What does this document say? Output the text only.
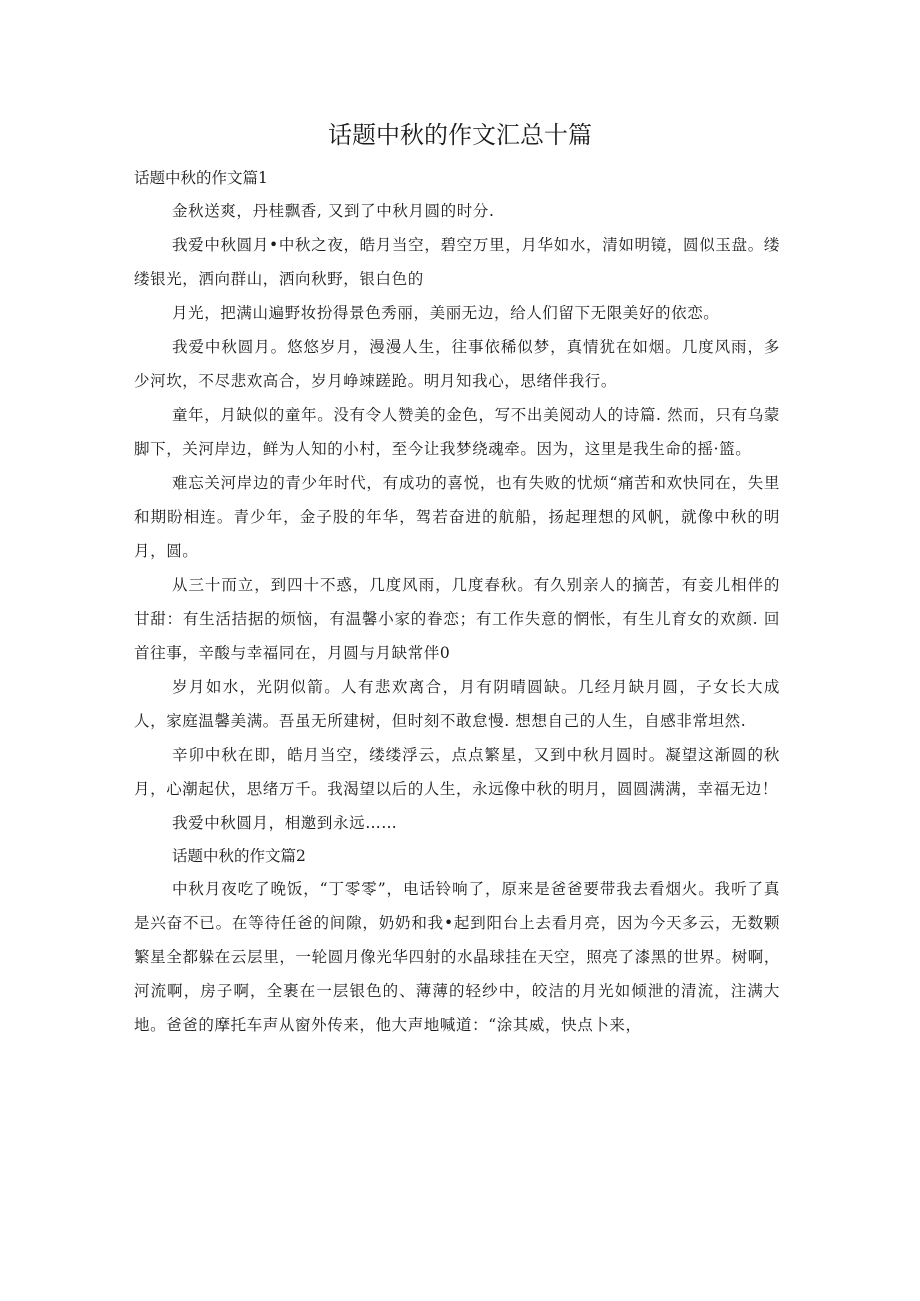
话题中秋的作文汇总十篇

话题中秋的作文篇1

金秋送爽，丹桂飘香, 又到了中秋月圆的时分.

我爱中秋圆月•中秋之夜，皓月当空，碧空万里，月华如水，清如明镜，圆似玉盘。缕缕银光，洒向群山，洒向秋野，银白色的

月光，把满山遍野妆扮得景色秀丽，美丽无边，给人们留下无限美好的依恋。

我爱中秋圆月。悠悠岁月，漫漫人生，往事依稀似梦，真情犹在如烟。几度风雨，多少河坎，不尽悲欢高合，岁月峥竦蹉跄。明月知我心，思绪伴我行。

童年，月缺似的童年。没有令人赞美的金色，写不出美阅动人的诗篇. 然而，只有乌蒙脚下，关河岸边，鲜为人知的小村，至今让我梦绕魂牵。因为，这里是我生命的摇·篮。

难忘关河岸边的青少年时代，有成功的喜悦，也有失败的忧烦“痛苦和欢快同在，失里和期盼相连。青少年，金子股的年华，驾若奋进的航船，扬起理想的风帆，就像中秋的明月，圆。

从三十而立，到四十不惑，几度风雨，几度春秋。有久别亲人的摘苦，有妾儿相伴的甘甜：有生活拮据的烦恼，有温馨小家的眷恋；有工作失意的惘怅，有生儿育女的欢颜. 回首往事，辛酸与幸福同在，月圆与月缺常伴0

岁月如水，光阴似箭。人有悲欢离合，月有阴晴圆缺。几经月缺月圆，子女长大成人，家庭温馨美满。吾虽无所建树，但时刻不敢怠慢. 想想自己的人生，自感非常坦然.

辛卯中秋在即，皓月当空，缕缕浮云，点点繁星，又到中秋月圆时。凝望这渐圆的秋月，心潮起伏，思绪万千。我渴望以后的人生，永远像中秋的明月，圆圆满满，幸福无边！

我爱中秋圆月，相邀到永远……

话题中秋的作文篇2

中秋月夜吃了晚饭，“丁零零”，电话铃响了，原来是爸爸要带我去看烟火。我听了真是兴奋不已。在等待任爸的间隙，奶奶和我•起到阳台上去看月亮，因为今天多云，无数颗繁星全都躲在云层里，一轮圆月像光华四射的水晶球挂在天空，照亮了漆黑的世界。树啊，河流啊，房子啊，全裹在一层银色的、薄薄的轻纱中，皎洁的月光如倾泄的清流，注满大地。爸爸的摩托车声从窗外传来，他大声地喊道：“涂其威，快点卜来，
